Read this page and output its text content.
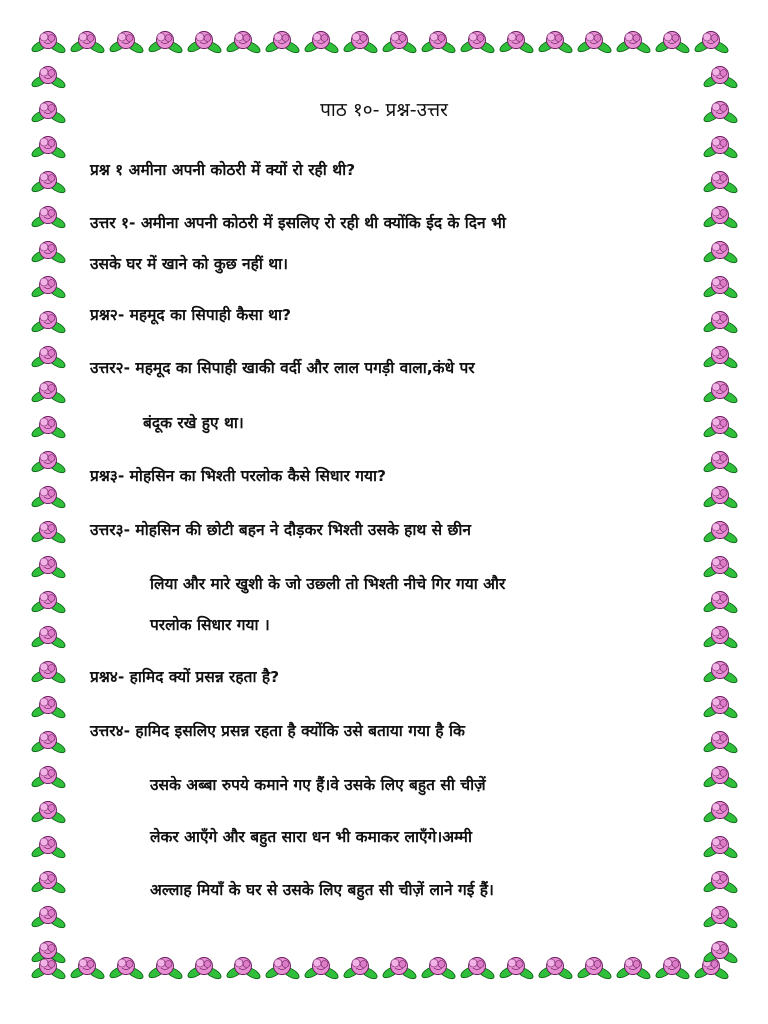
पाठ १०- प्रश्न-उत्तर
प्रश्न १ अमीना अपनी कोठरी में क्यों रो रही थी?
उत्तर १- अमीना अपनी कोठरी में इसलिए रो रही थी क्योंकि ईद के दिन भी
उसके घर में खाने को कुछ नहीं था।
प्रश्न२- महमूद का सिपाही कैसा था?
उत्तर२- महमूद का सिपाही खाकी वर्दी और लाल पगड़ी वाला,कंधे पर
बंदूक रखे हुए था।
प्रश्न३- मोहसिन का भिश्ती परलोक कैसे सिधार गया?
उत्तर३- मोहसिन की छोटी बहन ने दौड़कर भिश्ती उसके हाथ से छीन
लिया और मारे खुशी के जो उछ्ली तो भिश्ती नीचे गिर गया और
परलोक सिधार गया ।
प्रश्न४- हामिद क्यों प्रसन्न रहता है?
उत्तर४- हामिद इसलिए प्रसन्न रहता है क्योंकि उसे बताया गया है कि
उसके अब्बा रुपये कमाने गए हैं।वे उसके लिए बहुत सी चीज़ें
लेकर आएँगे और बहुत सारा धन भी कमाकर लाएँगे।अम्मी
अल्लाह मियाँ के घर से उसके लिए बहुत सी चीज़ें लाने गई हैं।
